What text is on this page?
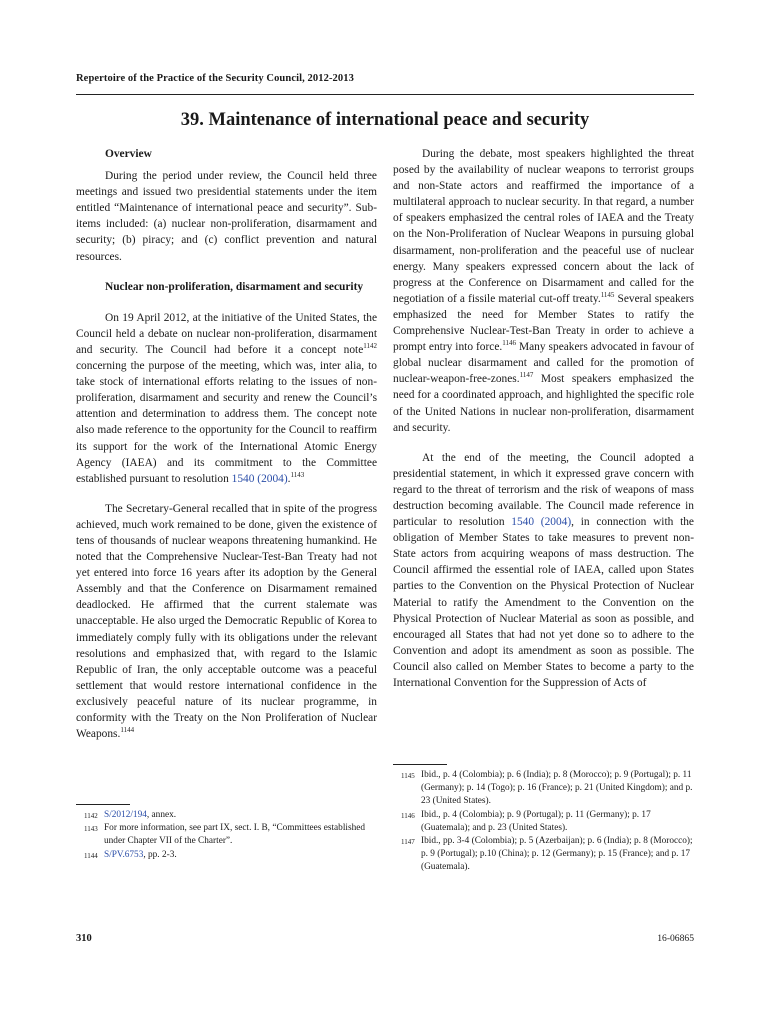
Repertoire of the Practice of the Security Council, 2012-2013
39. Maintenance of international peace and security
Overview

During the period under review, the Council held three meetings and issued two presidential statements under the item entitled “Maintenance of international peace and security”. Sub-items included: (a) nuclear non-proliferation, disarmament and security; (b) piracy; and (c) conflict prevention and natural resources.

Nuclear non-proliferation, disarmament and security

On 19 April 2012, at the initiative of the United States, the Council held a debate on nuclear non-proliferation, disarmament and security. The Council had before it a concept note$^{1142}$ concerning the purpose of the meeting, which was, inter alia, to take stock of international efforts relating to the issues of non-proliferation, disarmament and security and renew the Council’s attention and determination to address them. The concept note also made reference to the opportunity for the Council to reaffirm its support for the work of the International Atomic Energy Agency (IAEA) and its commitment to the Committee established pursuant to resolution 1540 (2004).$^{1143}$

The Secretary-General recalled that in spite of the progress achieved, much work remained to be done, given the existence of tens of thousands of nuclear weapons threatening humankind. He noted that the Comprehensive Nuclear-Test-Ban Treaty had not yet entered into force 16 years after its adoption by the General Assembly and that the Conference on Disarmament remained deadlocked. He affirmed that the current stalemate was unacceptable. He also urged the Democratic Republic of Korea to immediately comply fully with its obligations under the relevant resolutions and emphasized that, with regard to the Islamic Republic of Iran, the only acceptable outcome was a peaceful settlement that would restore international confidence in the exclusively peaceful nature of its nuclear programme, in conformity with the Treaty on the Non Proliferation of Nuclear Weapons.$^{1144}$

During the debate, most speakers highlighted the threat posed by the availability of nuclear weapons to terrorist groups and non-State actors and reaffirmed the importance of a multilateral approach to nuclear security. In that regard, a number of speakers emphasized the central roles of IAEA and the Treaty on the Non-Proliferation of Nuclear Weapons in pursuing global disarmament, non-proliferation and the peaceful use of nuclear energy. Many speakers expressed concern about the lack of progress at the Conference on Disarmament and called for the negotiation of a fissile material cut-off treaty.$^{1145}$ Several speakers emphasized the need for Member States to ratify the Comprehensive Nuclear-Test-Ban Treaty in order to achieve a prompt entry into force.$^{1146}$ Many speakers advocated in favour of global nuclear disarmament and called for the promotion of nuclear-weapon-free-zones.$^{1147}$ Most speakers emphasized the need for a coordinated approach, and highlighted the specific role of the United Nations in nuclear non-proliferation, disarmament and security.

At the end of the meeting, the Council adopted a presidential statement, in which it expressed grave concern with regard to the threat of terrorism and the risk of weapons of mass destruction becoming available. The Council made reference in particular to resolution 1540 (2004), in connection with the obligation of Member States to take measures to prevent non-State actors from acquiring weapons of mass destruction. The Council affirmed the essential role of IAEA, called upon States parties to the Convention on the Physical Protection of Nuclear Material to ratify the Amendment to the Convention on the Physical Protection of Nuclear Material as soon as possible, and encouraged all States that had not yet done so to adhere to the Convention and adopt its amendment as soon as possible. The Council also called on Member States to become a party to the International Convention for the Suppression of Acts of

1142 S/2012/194, annex.
1143 For more information, see part IX, sect. I. B, “Committees established under Chapter VII of the Charter”.
1144 S/PV.6753, pp. 2-3.
1145 Ibid., p. 4 (Colombia); p. 6 (India); p. 8 (Morocco); p. 9 (Portugal); p. 11 (Germany); p. 14 (Togo); p. 16 (France); p. 21 (United Kingdom); and p. 23 (United States).
1146 Ibid., p. 4 (Colombia); p. 9 (Portugal); p. 11 (Germany); p. 17 (Guatemala); and p. 23 (United States).
1147 Ibid., pp. 3-4 (Colombia); p. 5 (Azerbaijan); p. 6 (India); p. 8 (Morocco); p. 9 (Portugal); p.10 (China); p. 12 (Germany); p. 15 (France); and p. 17 (Guatemala).
310	16-06865
